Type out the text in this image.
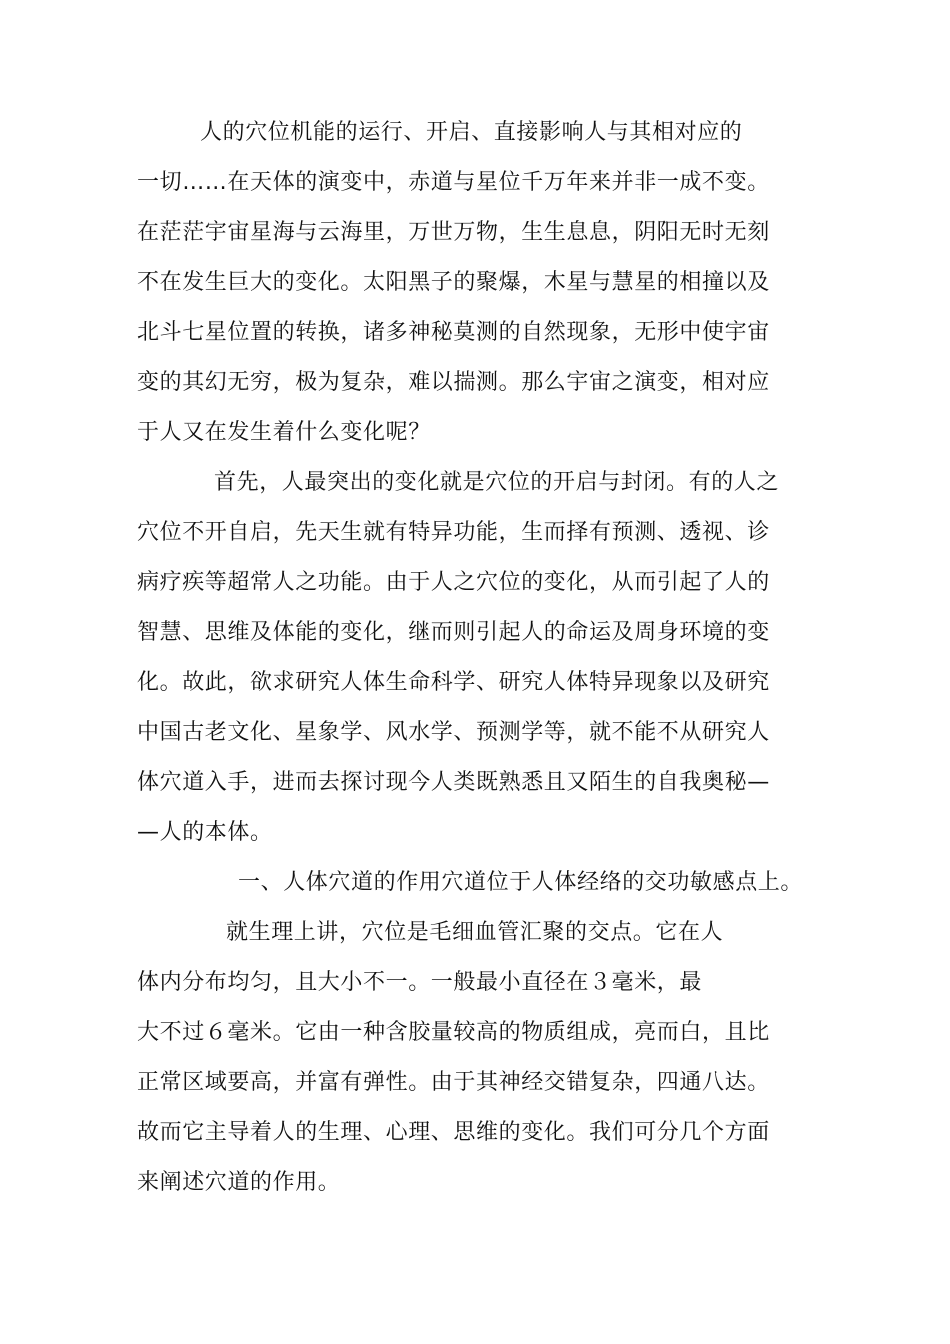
人的穴位机能的运行、开启、直接影响人与其相对应的
一切……在天体的演变中，赤道与星位千万年来并非一成不变。
在茫茫宇宙星海与云海里，万世万物，生生息息，阴阳无时无刻
不在发生巨大的变化。太阳黑子的聚爆，木星与慧星的相撞以及
北斗七星位置的转换，诸多神秘莫测的自然现象，无形中使宇宙
变的其幻无穷，极为复杂，难以揣测。那么宇宙之演变，相对应
于人又在发生着什么变化呢？
首先，人最突出的变化就是穴位的开启与封闭。有的人之
穴位不开自启，先天生就有特异功能，生而择有预测、透视、诊
病疗疾等超常人之功能。由于人之穴位的变化，从而引起了人的
智慧、思维及体能的变化，继而则引起人的命运及周身环境的变
化。故此，欲求研究人体生命科学、研究人体特异现象以及研究
中国古老文化、星象学、风水学、预测学等，就不能不从研究人
体穴道入手，进而去探讨现今人类既熟悉且又陌生的自我奥秘—
—人的本体。
一、人体穴道的作用穴道位于人体经络的交功敏感点上。
就生理上讲，穴位是毛细血管汇聚的交点。它在人
体内分布均匀，且大小不一。一般最小直径在３毫米，最
大不过６毫米。它由一种含胶量较高的物质组成，亮而白，且比
正常区域要高，并富有弹性。由于其神经交错复杂，四通八达。
故而它主导着人的生理、心理、思维的变化。我们可分几个方面
来阐述穴道的作用。
